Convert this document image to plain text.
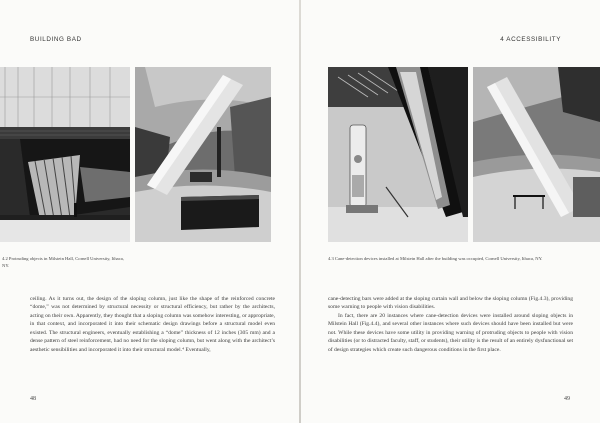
BUILDING BAD
4.2 Protruding objects in Milstein Hall, Cornell University, Ithaca, NY.

ceiling. As it turns out, the design of the sloping column, just like the shape of the reinforced concrete “dome,” was not determined by structural necessity or structural efficiency, but rather by the architects, acting on their own. Apparently, they thought that a sloping column was somehow interesting, or appropriate, in that context, and incorporated it into their schematic design drawings before a structural model even existed. The structural engineers, eventually establishing a “dome” thickness of 12 inches (305 mm) and a dense pattern of steel reinforcement, had no need for the sloping column, but went along with the architect’s aesthetic sensibilities and incorporated it into their structural model.⁴ Eventually,

48
4 ACCESSIBILITY
4.3 Cane-detection devices installed at Milstein Hall after the building was occupied, Cornell University, Ithaca, NY.

cane-detecting bars were added at the sloping curtain wall and below the sloping column (Fig.4.3), providing some warning to people with vision disabilities.

In fact, there are 20 instances where cane-detection devices were installed around sloping objects in Milstein Hall (Fig.4.4), and several other instances where such devices should have been installed but were not. While these devices have some utility in providing warning of protruding objects to people with vision disabilities (or to distracted faculty, staff, or students), their utility is the result of an entirely dysfunctional set of design strategies which create such dangerous conditions in the first place.

49
